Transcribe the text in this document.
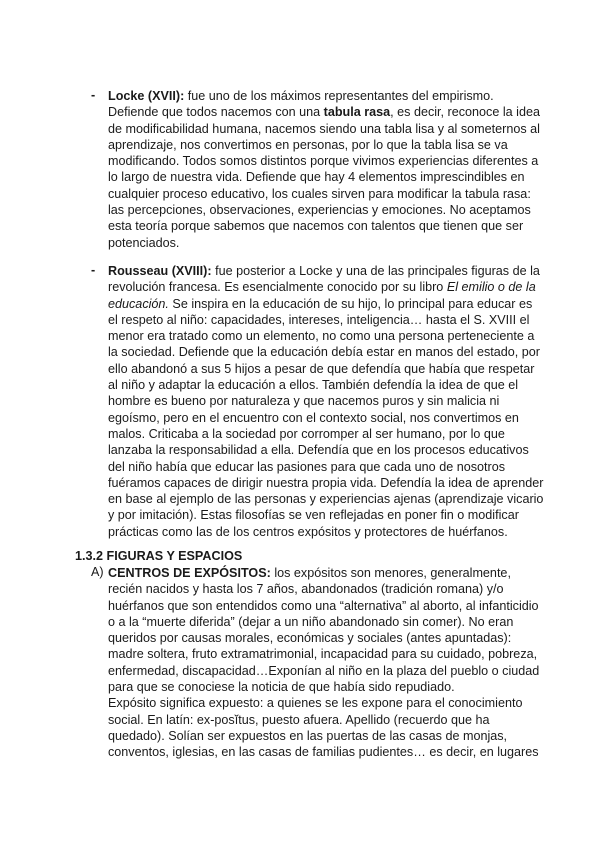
- Locke (XVII): fue uno de los máximos representantes del empirismo.
Defiende que todos nacemos con una tabula rasa, es decir, reconoce la idea
de modificabilidad humana, nacemos siendo una tabla lisa y al someternos al
aprendizaje, nos convertimos en personas, por lo que la tabla lisa se va
modificando. Todos somos distintos porque vivimos experiencias diferentes a
lo largo de nuestra vida. Defiende que hay 4 elementos imprescindibles en
cualquier proceso educativo, los cuales sirven para modificar la tabula rasa:
las percepciones, observaciones, experiencias y emociones. No aceptamos
esta teoría porque sabemos que nacemos con talentos que tienen que ser
potenciados.
- Rousseau (XVIII): fue posterior a Locke y una de las principales figuras de la
revolución francesa. Es esencialmente conocido por su libro El emilio o de la
educación. Se inspira en la educación de su hijo, lo principal para educar es
el respeto al niño: capacidades, intereses, inteligencia… hasta el S. XVIII el
menor era tratado como un elemento, no como una persona perteneciente a
la sociedad. Defiende que la educación debía estar en manos del estado, por
ello abandonó a sus 5 hijos a pesar de que defendía que había que respetar
al niño y adaptar la educación a ellos. También defendía la idea de que el
hombre es bueno por naturaleza y que nacemos puros y sin malicia ni
egoísmo, pero en el encuentro con el contexto social, nos convertimos en
malos. Criticaba a la sociedad por corromper al ser humano, por lo que
lanzaba la responsabilidad a ella. Defendía que en los procesos educativos
del niño había que educar las pasiones para que cada uno de nosotros
fuéramos capaces de dirigir nuestra propia vida. Defendía la idea de aprender
en base al ejemplo de las personas y experiencias ajenas (aprendizaje vicario
y por imitación). Estas filosofías se ven reflejadas en poner fin o modificar
prácticas como las de los centros expósitos y protectores de huérfanos.
1.3.2 FIGURAS Y ESPACIOS
A) CENTROS DE EXPÓSITOS: los expósitos son menores, generalmente,
recién nacidos y hasta los 7 años, abandonados (tradición romana) y/o
huérfanos que son entendidos como una “alternativa” al aborto, al infanticidio
o a la “muerte diferida” (dejar a un niño abandonado sin comer). No eran
queridos por causas morales, económicas y sociales (antes apuntadas):
madre soltera, fruto extramatrimonial, incapacidad para su cuidado, pobreza,
enfermedad, discapacidad…Exponían al niño en la plaza del pueblo o ciudad
para que se conociese la noticia de que había sido repudiado.
Expósito significa expuesto: a quienes se les expone para el conocimiento
social. En latín: ex-posĭtus, puesto afuera. Apellido (recuerdo que ha
quedado). Solían ser expuestos en las puertas de las casas de monjas,
conventos, iglesias, en las casas de familias pudientes… es decir, en lugares
